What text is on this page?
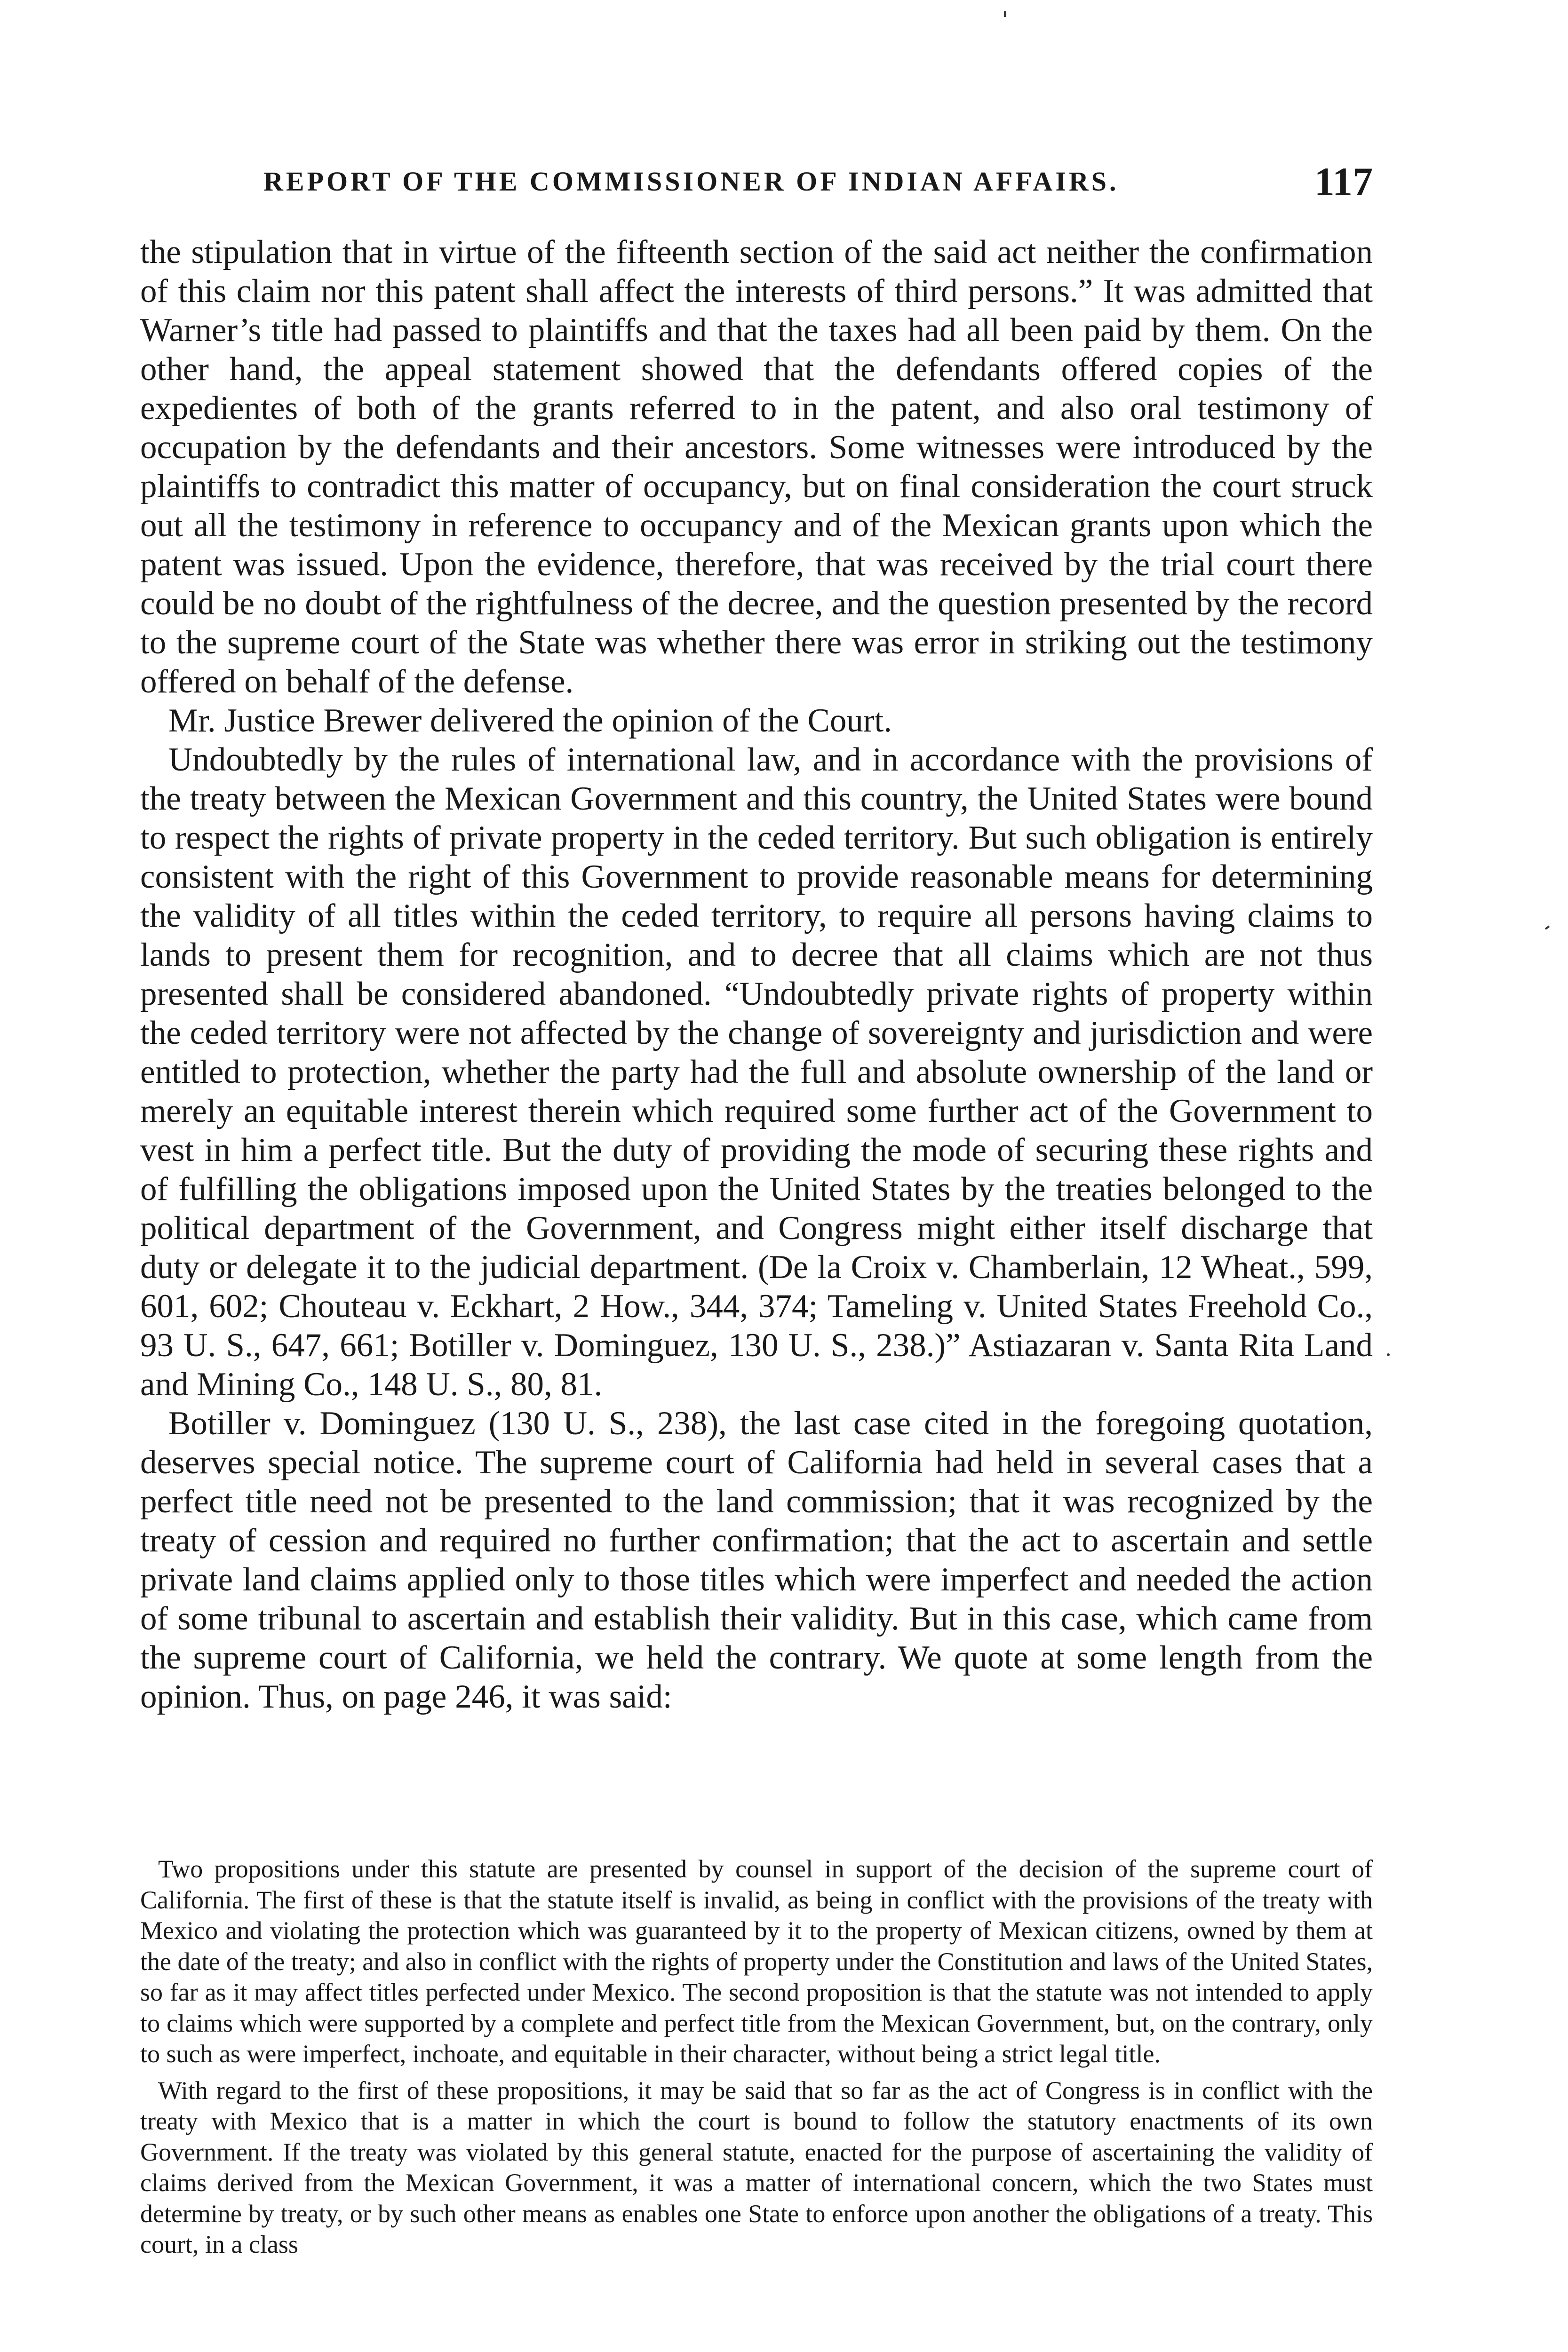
REPORT OF THE COMMISSIONER OF INDIAN AFFAIRS.	117

the stipulation that in virtue of the fifteenth section of the said act neither the confirmation of this claim nor this patent shall affect the interests of third persons.” It was admitted that Warner’s title had passed to plaintiffs and that the taxes had all been paid by them. On the other hand, the appeal statement showed that the defendants offered copies of the expedientes of both of the grants referred to in the patent, and also oral testimony of occupation by the defendants and their ancestors. Some witnesses were introduced by the plaintiffs to contradict this matter of occupancy, but on final consideration the court struck out all the testimony in reference to occupancy and of the Mexican grants upon which the patent was issued. Upon the evidence, therefore, that was received by the trial court there could be no doubt of the rightfulness of the decree, and the question presented by the record to the supreme court of the State was whether there was error in striking out the testimony offered on behalf of the defense.

Mr. Justice Brewer delivered the opinion of the Court.

Undoubtedly by the rules of international law, and in accordance with the provisions of the treaty between the Mexican Government and this country, the United States were bound to respect the rights of private property in the ceded territory. But such obligation is entirely consistent with the right of this Government to provide reasonable means for determining the validity of all titles within the ceded territory, to require all persons having claims to lands to present them for recognition, and to decree that all claims which are not thus presented shall be considered abandoned. “Undoubtedly private rights of property within the ceded territory were not affected by the change of sovereignty and jurisdiction and were entitled to protection, whether the party had the full and absolute ownership of the land or merely an equitable interest therein which required some further act of the Government to vest in him a perfect title. But the duty of providing the mode of securing these rights and of fulfilling the obligations imposed upon the United States by the treaties belonged to the political department of the Government, and Congress might either itself discharge that duty or delegate it to the judicial department. (De la Croix v. Chamberlain, 12 Wheat., 599, 601, 602; Chouteau v. Eckhart, 2 How., 344, 374; Tameling v. United States Freehold Co., 93 U. S., 647, 661; Botiller v. Dominguez, 130 U. S., 238.)” Astiazaran v. Santa Rita Land and Mining Co., 148 U. S., 80, 81.

Botiller v. Dominguez (130 U. S., 238), the last case cited in the foregoing quotation, deserves special notice. The supreme court of California had held in several cases that a perfect title need not be presented to the land commission; that it was recognized by the treaty of cession and required no further confirmation; that the act to ascertain and settle private land claims applied only to those titles which were imperfect and needed the action of some tribunal to ascertain and establish their validity. But in this case, which came from the supreme court of California, we held the contrary. We quote at some length from the opinion. Thus, on page 246, it was said:

Two propositions under this statute are presented by counsel in support of the decision of the supreme court of California. The first of these is that the statute itself is invalid, as being in conflict with the provisions of the treaty with Mexico and violating the protection which was guaranteed by it to the property of Mexican citizens, owned by them at the date of the treaty; and also in conflict with the rights of property under the Constitution and laws of the United States, so far as it may affect titles perfected under Mexico. The second proposition is that the statute was not intended to apply to claims which were supported by a complete and perfect title from the Mexican Government, but, on the contrary, only to such as were imperfect, inchoate, and equitable in their character, without being a strict legal title.

With regard to the first of these propositions, it may be said that so far as the act of Congress is in conflict with the treaty with Mexico that is a matter in which the court is bound to follow the statutory enactments of its own Government. If the treaty was violated by this general statute, enacted for the purpose of ascertaining the validity of claims derived from the Mexican Government, it was a matter of international concern, which the two States must determine by treaty, or by such other means as enables one State to enforce upon another the obligations of a treaty. This court, in a class
